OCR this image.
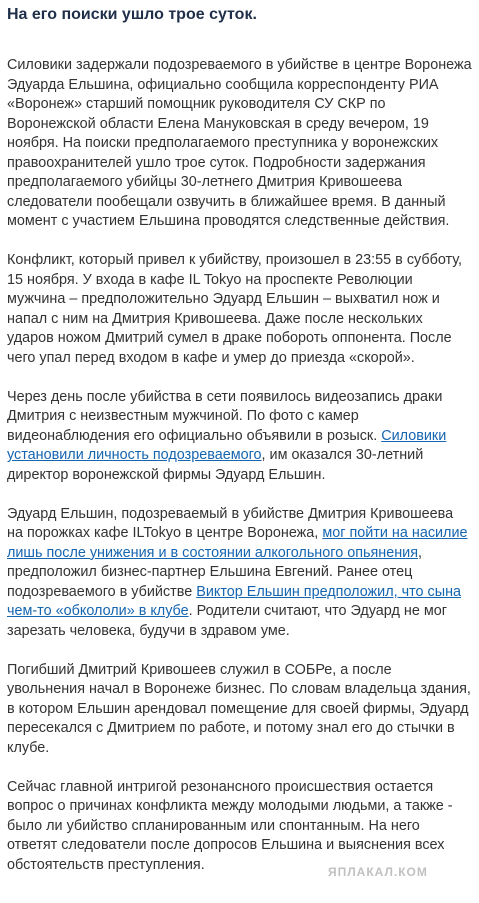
На его поиски ушло трое суток.

Силовики задержали подозреваемого в убийстве в центре Воронежа Эдуарда Ельшина, официально сообщила корреспонденту РИА «Воронеж» старший помощник руководителя СУ СКР по Воронежской области Елена Мануковская в среду вечером, 19 ноября. На поиски предполагаемого преступника у воронежских правоохранителей ушло трое суток. Подробности задержания предполагаемого убийцы 30-летнего Дмитрия Кривошеева следователи пообещали озвучить в ближайшее время. В данный момент с участием Ельшина проводятся следственные действия.

Конфликт, который привел к убийству, произошел в 23:55 в субботу, 15 ноября. У входа в кафе IL Tokyo на проспекте Революции мужчина – предположительно Эдуард Ельшин – выхватил нож и напал с ним на Дмитрия Кривошеева. Даже после нескольких ударов ножом Дмитрий сумел в драке побороть оппонента. После чего упал перед входом в кафе и умер до приезда «скорой».

Через день после убийства в сети появилось видеозапись драки Дмитрия с неизвестным мужчиной. По фото с камер видеонаблюдения его официально объявили в розыск. Силовики установили личность подозреваемого, им оказался 30-летний директор воронежской фирмы Эдуард Ельшин.

Эдуард Ельшин, подозреваемый в убийстве Дмитрия Кривошеева на порожках кафе ILTokyo в центре Воронежа, мог пойти на насилие лишь после унижения и в состоянии алкогольного опьянения, предположил бизнес-партнер Ельшина Евгений. Ранее отец подозреваемого в убийстве Виктор Ельшин предположил, что сына чем-то «обкололи» в клубе. Родители считают, что Эдуард не мог зарезать человека, будучи в здравом уме.

Погибший Дмитрий Кривошеев служил в СОБРе, а после увольнения начал в Воронеже бизнес. По словам владельца здания, в котором Ельшин арендовал помещение для своей фирмы, Эдуард пересекался с Дмитрием по работе, и потому знал его до стычки в клубе.

Сейчас главной интригой резонансного происшествия остается вопрос о причинах конфликта между молодыми людьми, а также - было ли убийство спланированным или спонтанным. На него ответят следователи после допросов Ельшина и выяснения всех обстоятельств преступления.	ЯПЛАКАЛ.КОМ
